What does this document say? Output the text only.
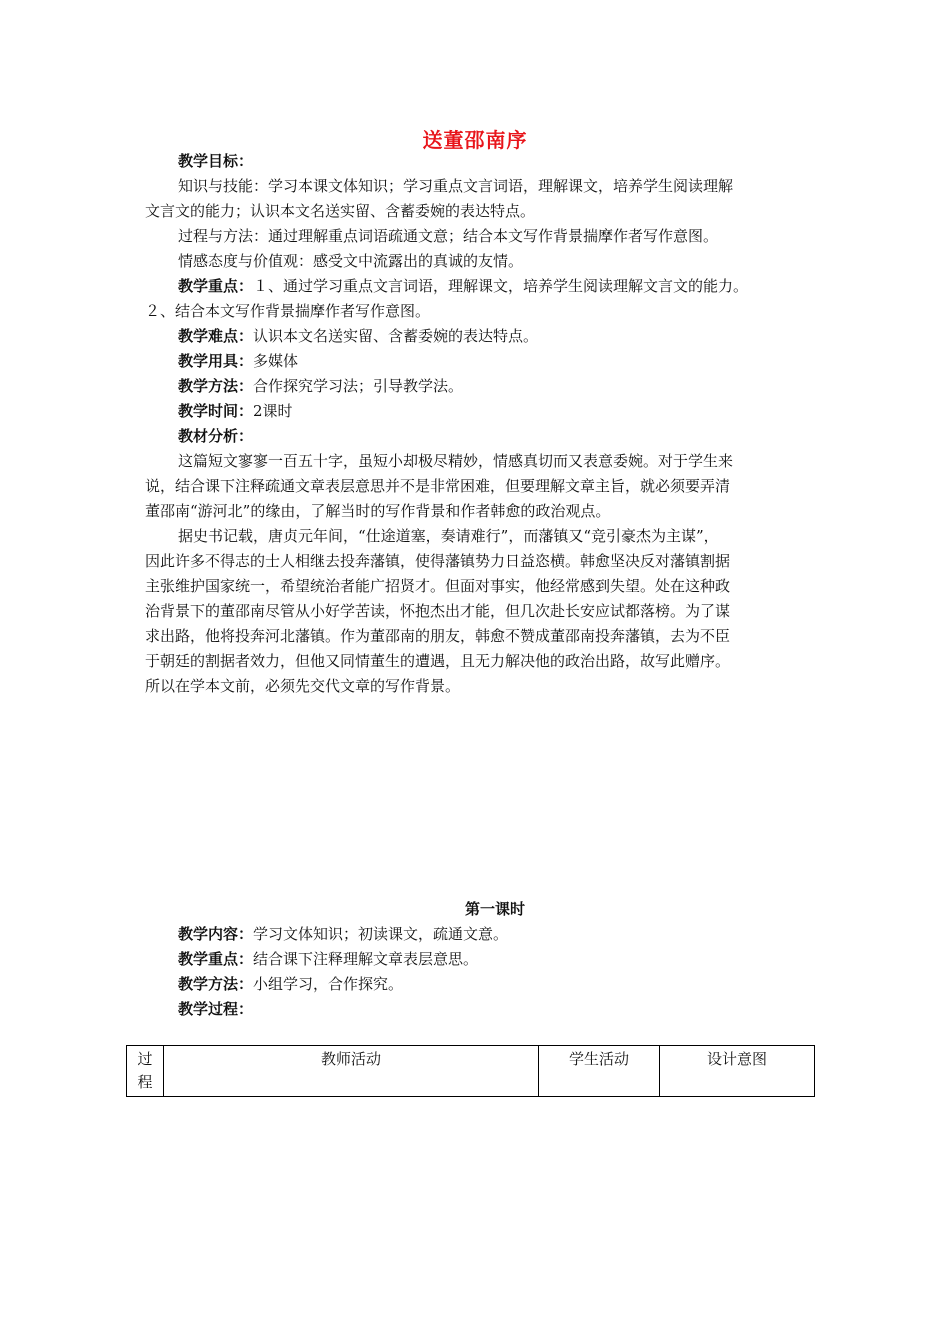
送董邵南序
教学目标：
知识与技能：学习本课文体知识；学习重点文言词语，理解课文，培养学生阅读理解
文言文的能力；认识本文名送实留、含蓄委婉的表达特点。
过程与方法：通过理解重点词语疏通文意；结合本文写作背景揣摩作者写作意图。
情感态度与价值观：感受文中流露出的真诚的友情。
教学重点：１、通过学习重点文言词语，理解课文，培养学生阅读理解文言文的能力。
２、结合本文写作背景揣摩作者写作意图。
教学难点：认识本文名送实留、含蓄委婉的表达特点。
教学用具：多媒体
教学方法：合作探究学习法；引导教学法。
教学时间：2课时
教材分析：
这篇短文寥寥一百五十字，虽短小却极尽精妙，情感真切而又表意委婉。对于学生来
说，结合课下注释疏通文章表层意思并不是非常困难，但要理解文章主旨，就必须要弄清
董邵南“游河北”的缘由，了解当时的写作背景和作者韩愈的政治观点。
据史书记载，唐贞元年间，“仕途道塞，奏请难行”，而藩镇又“竞引豪杰为主谋”，
因此许多不得志的士人相继去投奔藩镇，使得藩镇势力日益恣横。韩愈坚决反对藩镇割据
主张维护国家统一，希望统治者能广招贤才。但面对事实，他经常感到失望。处在这种政
治背景下的董邵南尽管从小好学苦读，怀抱杰出才能，但几次赴长安应试都落榜。为了谋
求出路，他将投奔河北藩镇。作为董邵南的朋友，韩愈不赞成董邵南投奔藩镇，去为不臣
于朝廷的割据者效力，但他又同情董生的遭遇，且无力解决他的政治出路，故写此赠序。
所以在学本文前，必须先交代文章的写作背景。
第一课时
教学内容：学习文体知识；初读课文，疏通文意。
教学重点：结合课下注释理解文章表层意思。
教学方法：小组学习，合作探究。
教学过程：
过
程
	教师活动	学生活动	设计意图
